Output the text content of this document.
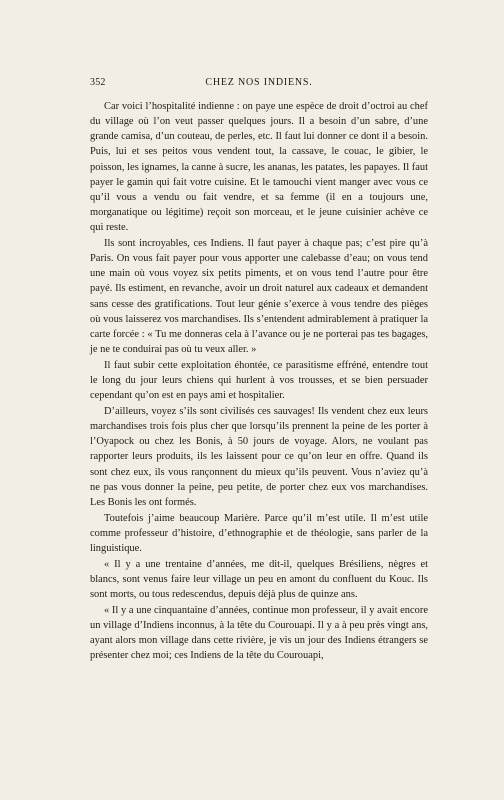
352	CHEZ NOS INDIENS.

Car voici l’hospitalité indienne : on paye une espèce de droit d’octroi au chef du village où l’on veut passer quelques jours. Il a besoin d’un sabre, d’une grande camisa, d’un couteau, de perles, etc. Il faut lui donner ce dont il a besoin. Puis, lui et ses peitos vous vendent tout, la cassave, le couac, le gibier, le poisson, les ignames, la canne à sucre, les ananas, les patates, les papayes. Il faut payer le gamin qui fait votre cuisine. Et le tamouchi vient manger avec vous ce qu’il vous a vendu ou fait vendre, et sa femme (il en a toujours une, morganatique ou légitime) reçoit son morceau, et le jeune cuisinier achève ce qui reste.

Ils sont incroyables, ces Indiens. Il faut payer à chaque pas; c’est pire qu’à Paris. On vous fait payer pour vous apporter une calebasse d’eau; on vous tend une main où vous voyez six petits piments, et on vous tend l’autre pour être payé. Ils estiment, en revanche, avoir un droit naturel aux cadeaux et demandent sans cesse des gratifications. Tout leur génie s’exerce à vous tendre des pièges où vous laisserez vos marchandises. Ils s’entendent admirablement à pratiquer la carte forcée : « Tu me donneras cela à l’avance ou je ne porterai pas tes bagages, je ne te conduirai pas où tu veux aller. »

Il faut subir cette exploitation éhontée, ce parasitisme effréné, entendre tout le long du jour leurs chiens qui hurlent à vos trousses, et se bien persuader cependant qu’on est en pays ami et hospitalier.

D’ailleurs, voyez s’ils sont civilisés ces sauvages! Ils vendent chez eux leurs marchandises trois fois plus cher que lorsqu’ils prennent la peine de les porter à l’Oyapock ou chez les Bonis, à 50 jours de voyage. Alors, ne voulant pas rapporter leurs produits, ils les laissent pour ce qu’on leur en offre. Quand ils sont chez eux, ils vous rançonnent du mieux qu’ils peuvent. Vous n’aviez qu’à ne pas vous donner la peine, peu petite, de porter chez eux vos marchandises. Les Bonis les ont formés.

Toutefois j’aime beaucoup Marière. Parce qu’il m’est utile. Il m’est utile comme professeur d’histoire, d’ethnographie et de théologie, sans parler de la linguistique.

« Il y a une trentaine d’années, me dit-il, quelques Brésiliens, nègres et blancs, sont venus faire leur village un peu en amont du confluent du Kouc. Ils sont morts, ou tous redescendus, depuis déjà plus de quinze ans.

« Il y a une cinquantaine d’années, continue mon professeur, il y avait encore un village d’Indiens inconnus, à la tête du Courouapi. Il y a à peu près vingt ans, ayant alors mon village dans cette rivière, je vis un jour des Indiens étrangers se présenter chez moi; ces Indiens de la tête du Courouapi,
